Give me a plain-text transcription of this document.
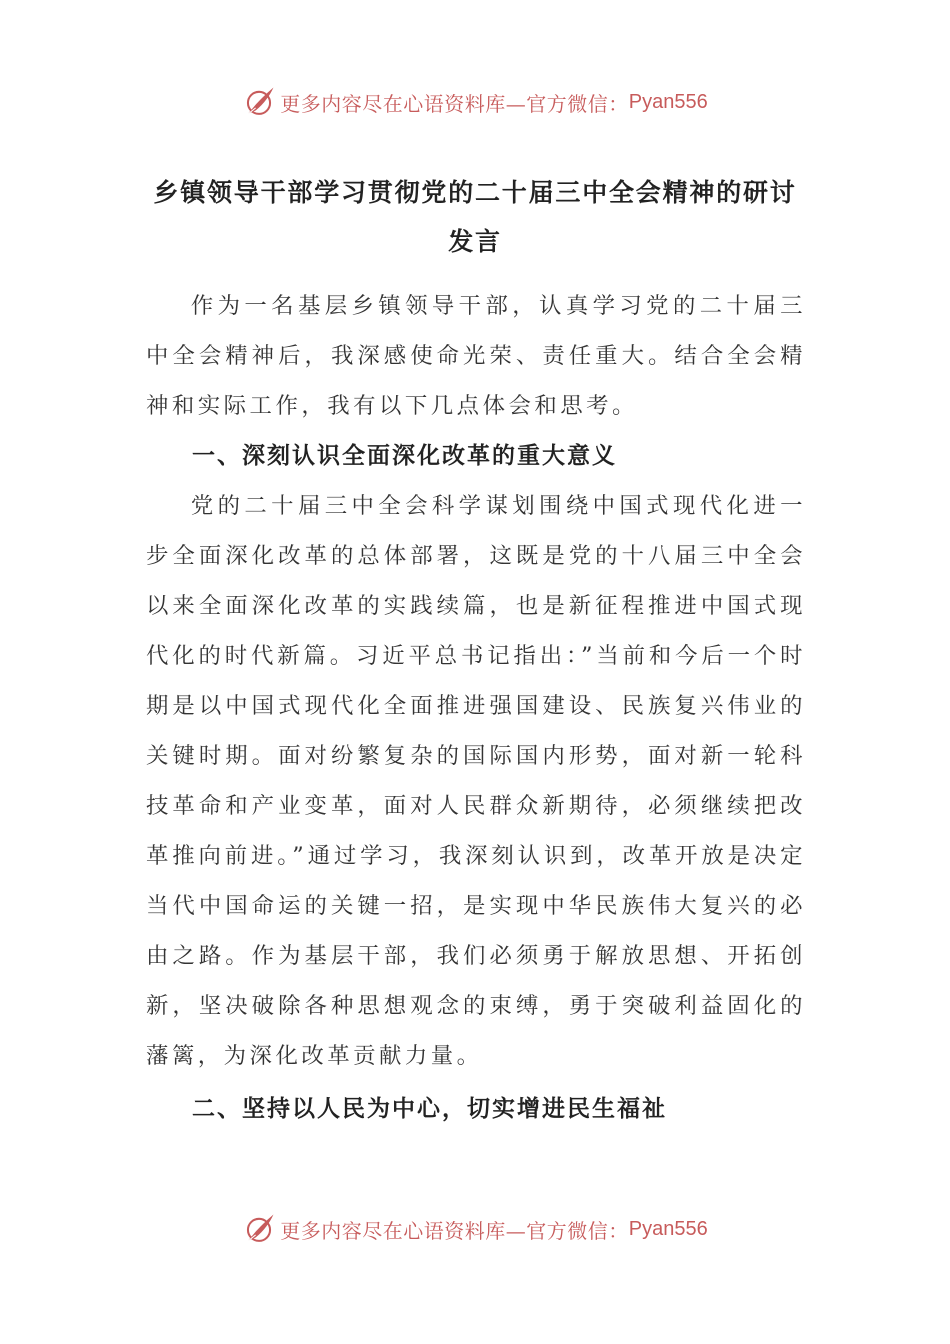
更多内容尽在心语资料库—官方微信： Pyan556
乡镇领导干部学习贯彻党的二十届三中全会精神的研讨发言

作为一名基层乡镇领导干部，认真学习党的二十届三中全会精神后，我深感使命光荣、责任重大。结合全会精神和实际工作，我有以下几点体会和思考。

一、深刻认识全面深化改革的重大意义

党的二十届三中全会科学谋划围绕中国式现代化进一步全面深化改革的总体部署，这既是党的十八届三中全会以来全面深化改革的实践续篇，也是新征程推进中国式现代化的时代新篇。习近平总书记指出：”当前和今后一个时期是以中国式现代化全面推进强国建设、民族复兴伟业的关键时期。面对纷繁复杂的国际国内形势，面对新一轮科技革命和产业变革，面对人民群众新期待，必须继续把改革推向前进。”通过学习，我深刻认识到，改革开放是决定当代中国命运的关键一招，是实现中华民族伟大复兴的必由之路。作为基层干部，我们必须勇于解放思想、开拓创新，坚决破除各种思想观念的束缚，勇于突破利益固化的藩篱，为深化改革贡献力量。

二、坚持以人民为中心，切实增进民生福祉

更多内容尽在心语资料库—官方微信： Pyan556
